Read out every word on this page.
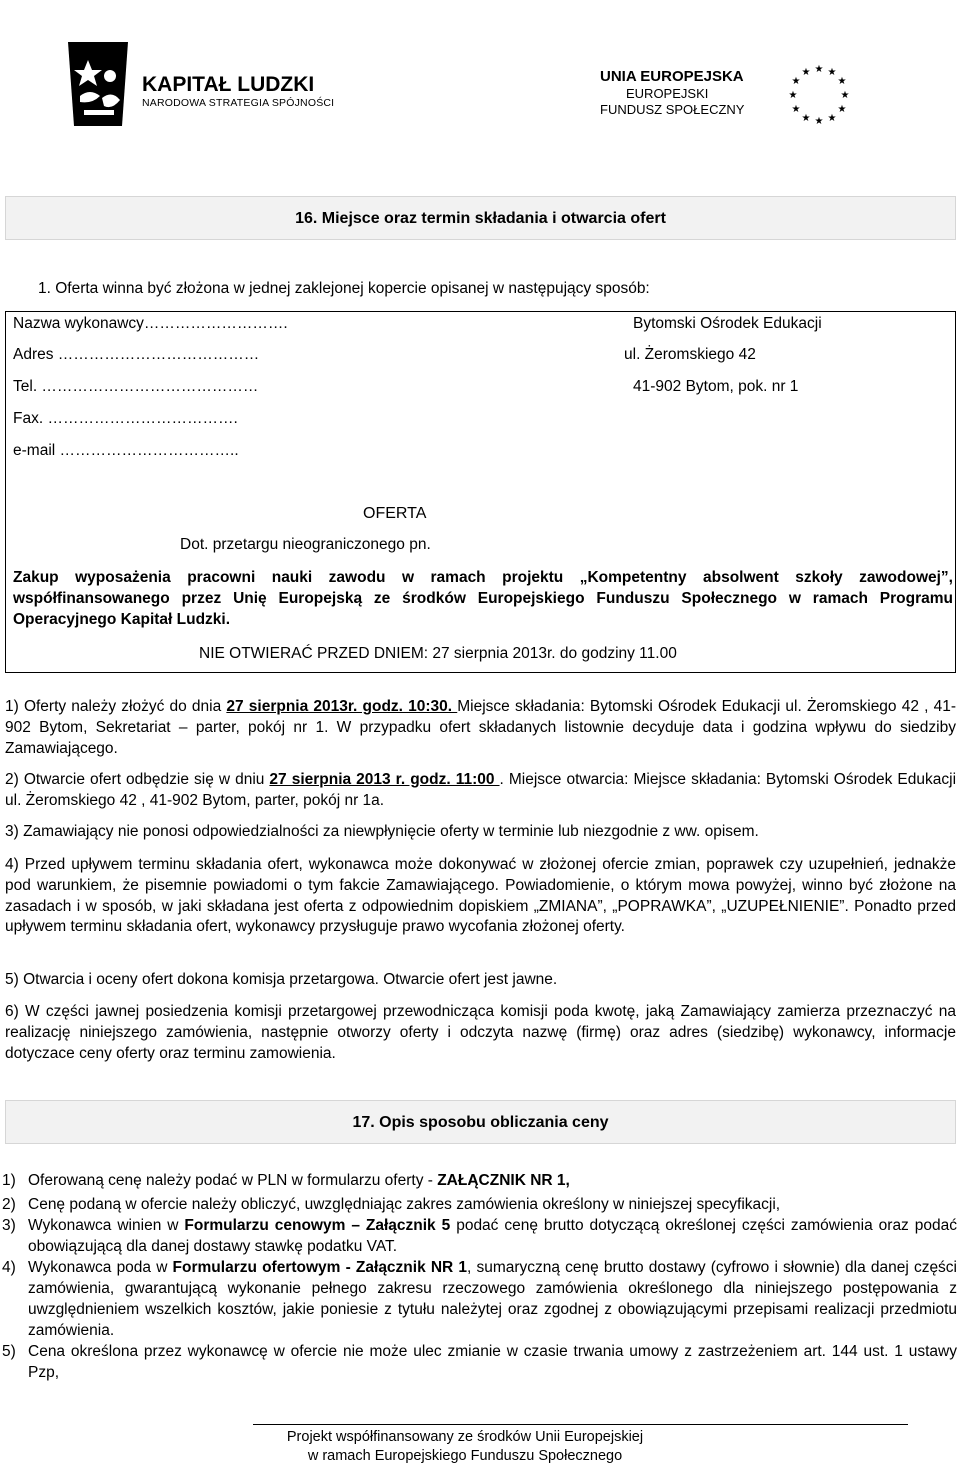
KAPITAŁ LUDZKI
NARODOWA STRATEGIA SPÓJNOŚCI
UNIA EUROPEJSKA
EUROPEJSKI
FUNDUSZ SPOŁECZNY
★ ★
★
★
★
★
★
★
★
★
★
★
16. Miejsce oraz termin składania i otwarcia ofert
1. Oferta winna być złożona w jednej zaklejonej kopercie opisanej w następujący sposób:
Nazwa wykonawcy……………………….
Adres …………………………………
Tel. ……………………………………
Fax. ……………………………….
e-mail ……………………………..
Bytomski Ośrodek Edukacji
ul. Żeromskiego 42
41-902 Bytom, pok. nr 1
OFERTA
Dot. przetargu nieograniczonego pn.
Zakup wyposażenia pracowni nauki zawodu w ramach projektu „Kompetentny absolwent szkoły zawodowej”, współfinansowanego przez Unię Europejską ze środków Europejskiego Funduszu Społecznego w ramach Programu Operacyjnego Kapitał Ludzki.
NIE OTWIERAĆ PRZED DNIEM: 27 sierpnia 2013r. do godziny 11.00
1) Oferty należy złożyć do dnia 27 sierpnia 2013r. godz. 10:30. Miejsce składania: Bytomski Ośrodek Edukacji ul. Żeromskiego 42 , 41-902 Bytom, Sekretariat – parter, pokój nr 1. W przypadku ofert składanych listownie decyduje data i godzina wpływu do siedziby Zamawiającego.
2) Otwarcie ofert odbędzie się w dniu 27 sierpnia 2013 r. godz. 11:00 . Miejsce otwarcia: Miejsce składania: Bytomski Ośrodek Edukacji ul. Żeromskiego 42 , 41-902 Bytom, parter, pokój nr 1a.
3) Zamawiający nie ponosi odpowiedzialności za niewpłynięcie oferty w terminie lub niezgodnie z ww. opisem.
4) Przed upływem terminu składania ofert, wykonawca może dokonywać w złożonej ofercie zmian, poprawek czy uzupełnień, jednakże pod warunkiem, że pisemnie powiadomi o tym fakcie Zamawiającego. Powiadomienie, o którym mowa powyżej, winno być złożone na zasadach i w sposób, w jaki składana jest oferta z odpowiednim dopiskiem „ZMIANA”, „POPRAWKA”, „UZUPEŁNIENIE”. Ponadto przed upływem terminu składania ofert, wykonawcy przysługuje prawo wycofania złożonej oferty.
5) Otwarcia i oceny ofert dokona komisja przetargowa. Otwarcie ofert jest jawne.
6) W części jawnej posiedzenia komisji przetargowej przewodnicząca komisji poda kwotę, jaką Zamawiający zamierza przeznaczyć na realizację niniejszego zamówienia, następnie otworzy oferty i odczyta nazwę (firmę) oraz adres (siedzibę) wykonawcy, informacje dotyczace ceny oferty oraz terminu zamowienia.
17. Opis sposobu obliczania ceny
1) Oferowaną cenę należy podać w PLN w formularzu oferty - ZAŁĄCZNIK NR 1,
2) Cenę podaną w ofercie należy obliczyć, uwzględniając zakres zamówienia określony w niniejszej specyfikacji,
3) Wykonawca winien w Formularzu cenowym – Załącznik 5 podać cenę brutto dotyczącą określonej części zamówienia oraz podać obowiązującą dla danej dostawy stawkę podatku VAT.
4) Wykonawca poda w Formularzu ofertowym - Załącznik NR 1, sumaryczną cenę brutto dostawy (cyfrowo i słownie) dla danej części zamówienia, gwarantującą wykonanie pełnego zakresu rzeczowego zamówienia określonego dla niniejszego postępowania z uwzględnieniem wszelkich kosztów, jakie poniesie z tytułu należytej oraz zgodnej z obowiązującymi przepisami realizacji przedmiotu zamówienia.
5) Cena określona przez wykonawcę w ofercie nie może ulec zmianie w czasie trwania umowy z zastrzeżeniem art. 144 ust. 1 ustawy Pzp,
Projekt współfinansowany ze środków Unii Europejskiej
w ramach Europejskiego Funduszu Społecznego
